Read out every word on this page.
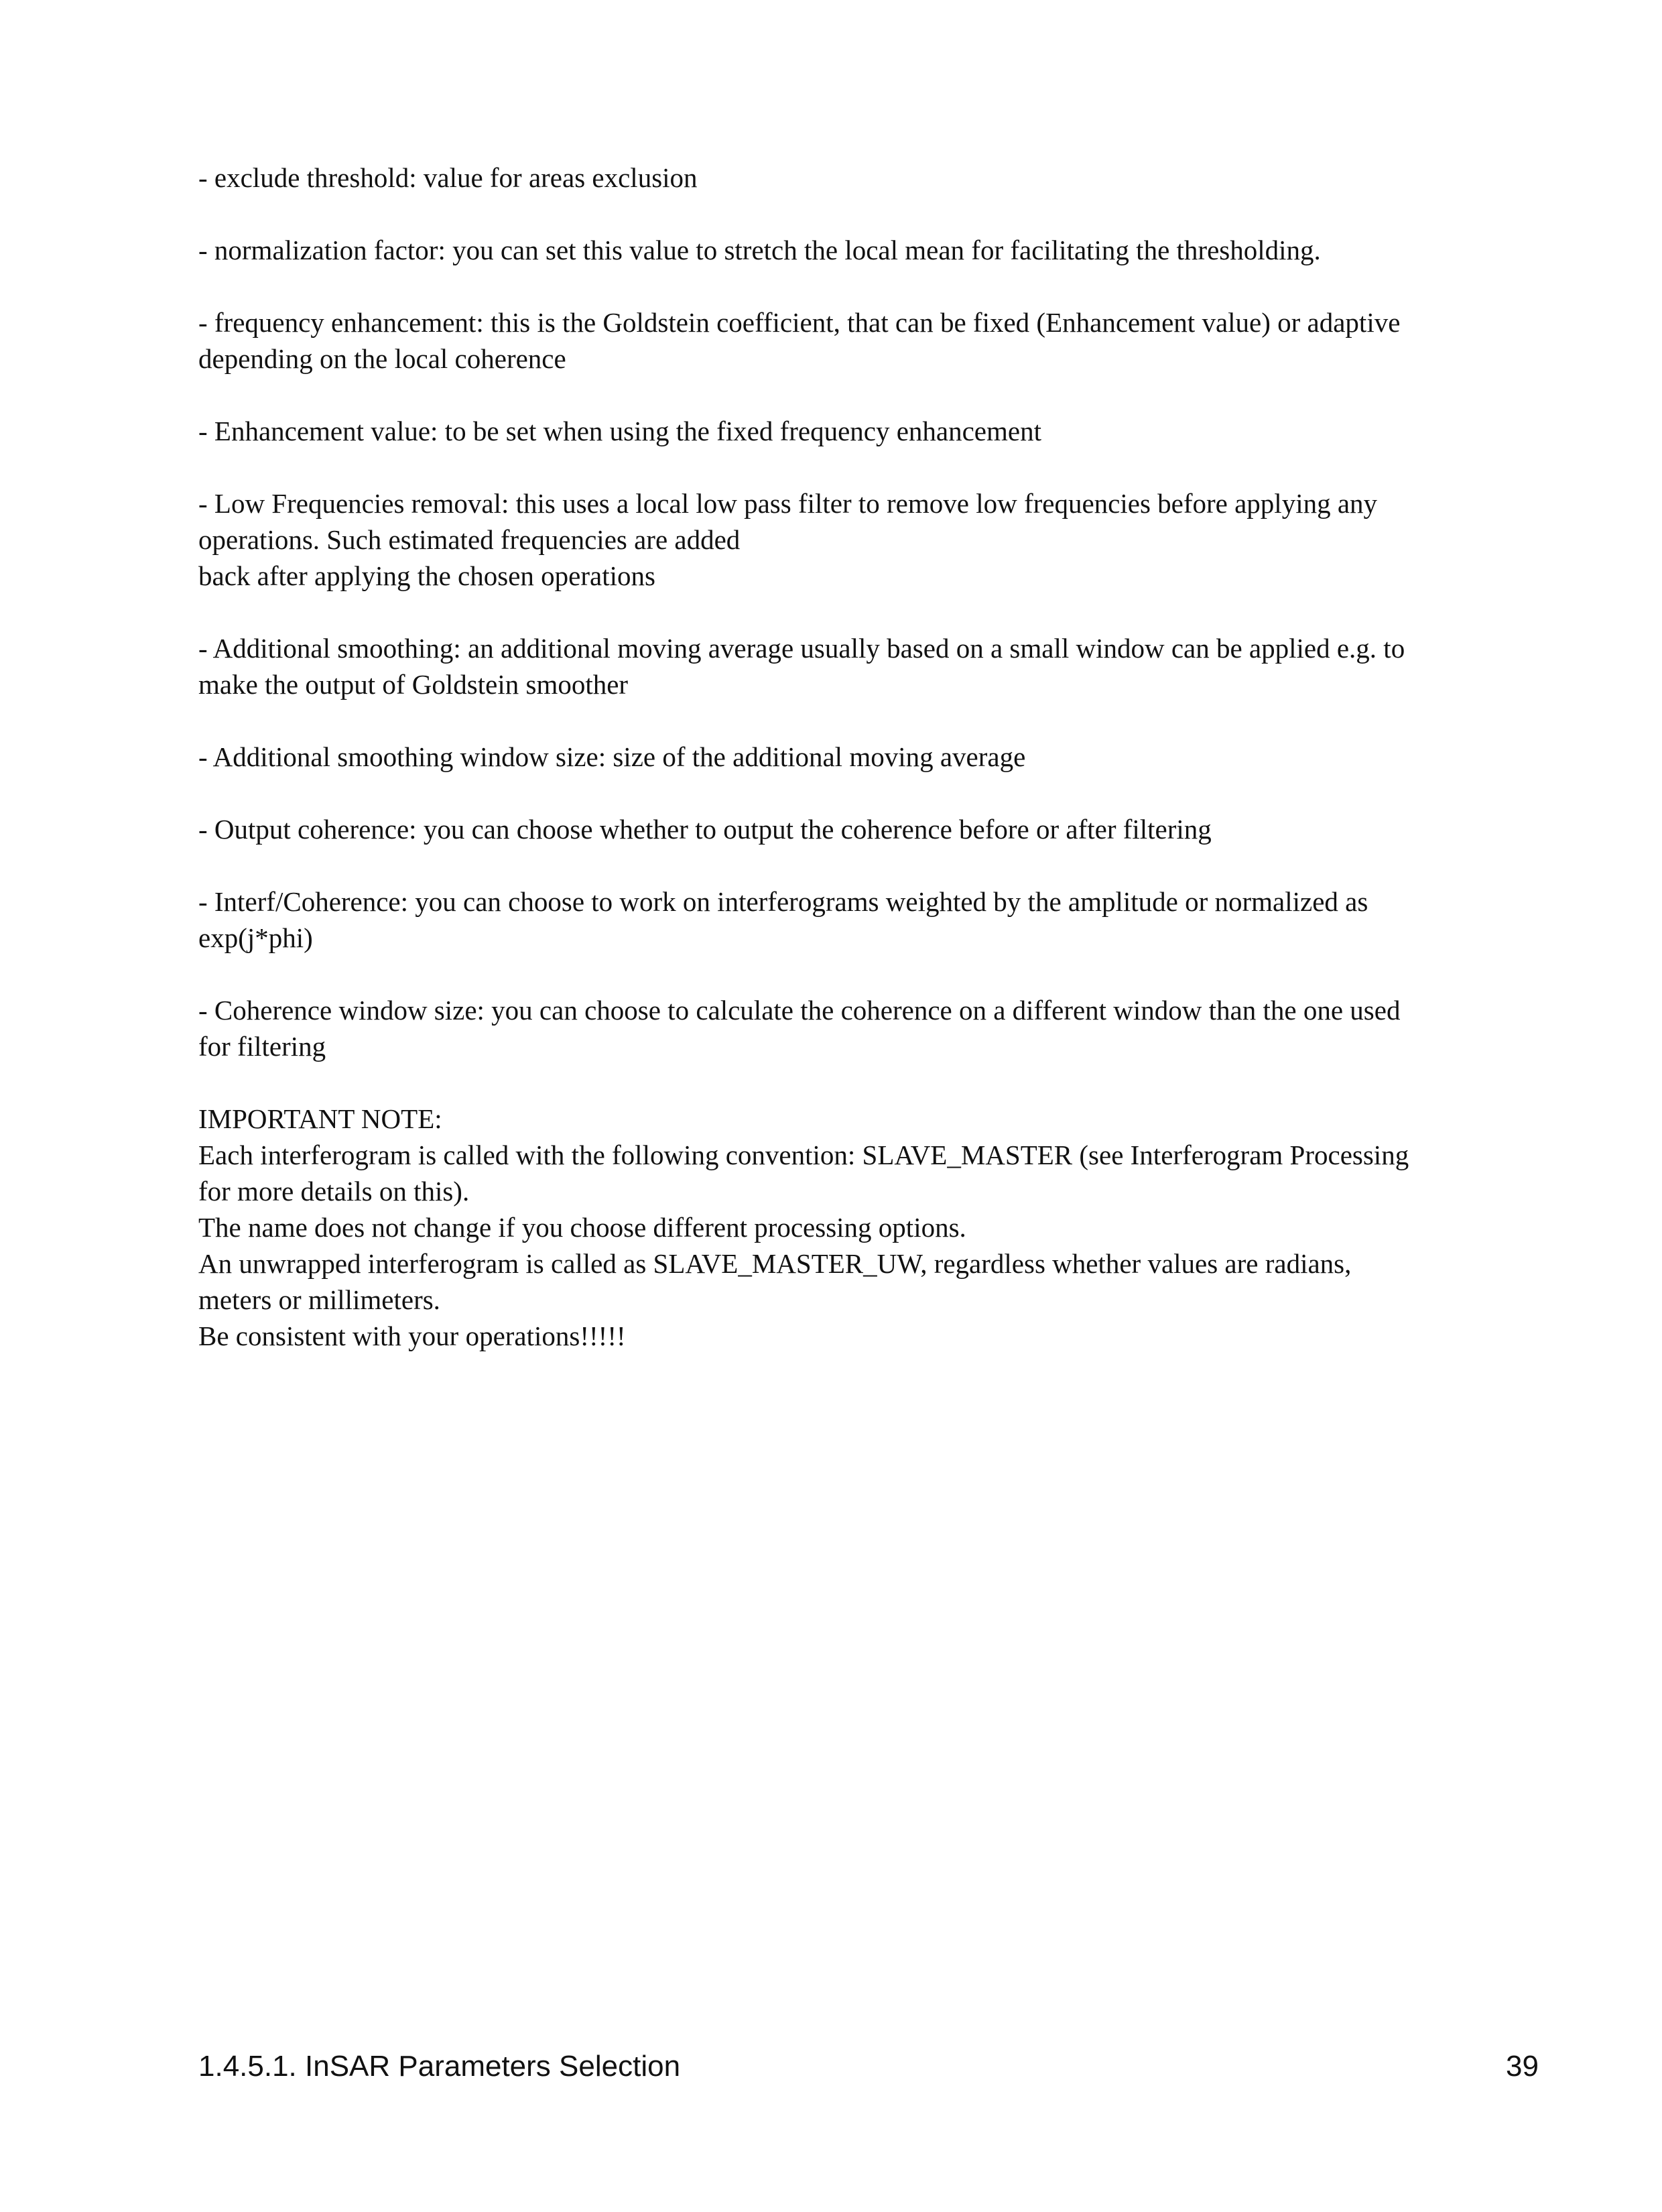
- exclude threshold: value for areas exclusion

- normalization factor: you can set this value to stretch the local mean for facilitating the thresholding.

- frequency enhancement: this is the Goldstein coefficient, that can be fixed (Enhancement value) or adaptive
depending on the local coherence

- Enhancement value: to be set when using the fixed frequency enhancement

- Low Frequencies removal: this uses a local low pass filter to remove low frequencies before applying any
operations. Such estimated frequencies are added
back after applying the chosen operations

- Additional smoothing: an additional moving average usually based on a small window can be applied e.g. to
make the output of Goldstein smoother

- Additional smoothing window size: size of the additional moving average

- Output coherence: you can choose whether to output the coherence before or after filtering

- Interf/Coherence: you can choose to work on interferograms weighted by the amplitude or normalized as
exp(j*phi)

- Coherence window size: you can choose to calculate the coherence on a different window than the one used
for filtering

IMPORTANT NOTE:
Each interferogram is called with the following convention: SLAVE_MASTER (see Interferogram Processing
for more details on this).
The name does not change if you choose different processing options.
An unwrapped interferogram is called as SLAVE_MASTER_UW, regardless whether values are radians,
meters or millimeters.
Be consistent with your operations!!!!!
1.4.5.1. InSAR Parameters Selection	39
